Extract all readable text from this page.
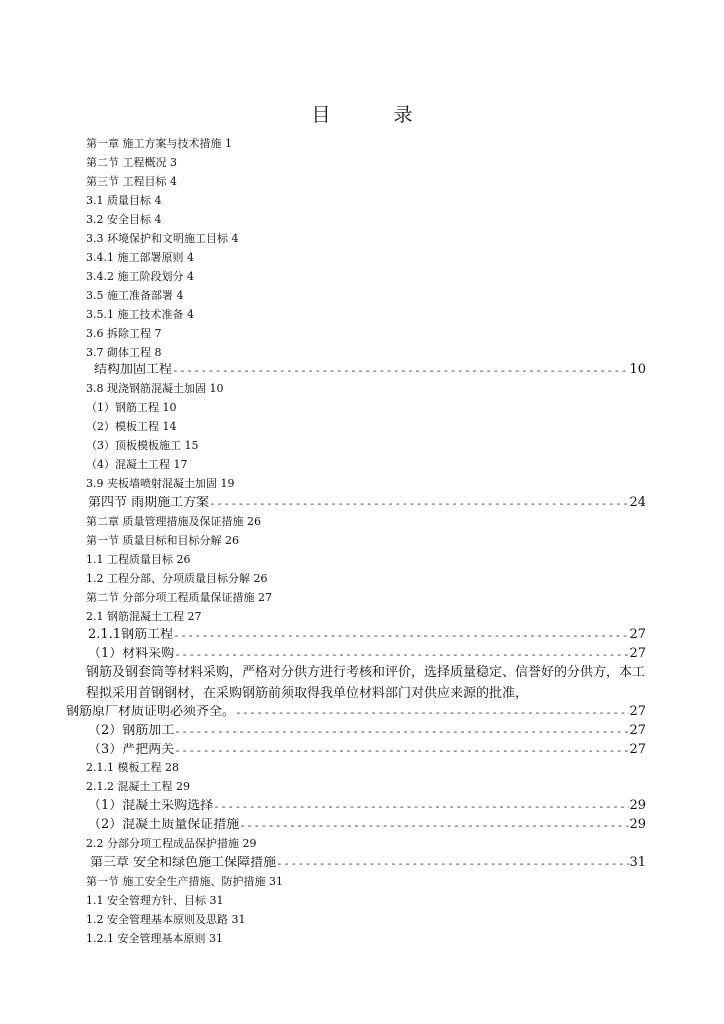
目　录
第一章 施工方案与技术措施 1
第二节 工程概况 3
第三节 工程目标 4
3.1 质量目标 4
3.2 安全目标 4
3.3 环境保护和文明施工目标 4
3.4.1 施工部署原则 4
3.4.2 施工阶段划分 4
3.5 施工准备部署 4
3.5.1 施工技术准备 4
3.6 拆除工程 7
3.7 砌体工程 8
结构加固工程 -----	10
3.8 现浇钢筋混凝土加固 10
（1）钢筋工程 10
（2）模板工程 14
（3）顶板模板施工 15
（4）混凝土工程 17
3.9 夹板墙喷射混凝土加固 19
第四节 雨期施工方案 -----	24
第二章 质量管理措施及保证措施 26
第一节 质量目标和目标分解 26
1.1 工程质量目标 26
1.2 工程分部、分项质量目标分解 26
第二节 分部分项工程质量保证措施 27
2.1 钢筋混凝土工程 27
2.1.1钢筋工程 -----	27
（1）材料采购 -----	27
钢筋及钢套筒等材料采购，严格对分供方进行考核和评价，选择质量稳定、信誉好的分供方，本工程拟采用首钢钢材，在采购钢筋前须取得我单位材料部门对供应来源的批准，
钢筋原厂材质证明必须齐全。 -----	27
（2）钢筋加工 -----	27
（3）严把两关 -----	27
2.1.1 模板工程 28
2.1.2 混凝土工程 29
（1）混凝土采购选择 -----	29
（2）混凝土质量保证措施 -----	29
2.2 分部分项工程成品保护措施 29
第三章 安全和绿色施工保障措施 -----	31
第一节 施工安全生产措施、防护措施 31
1.1 安全管理方针、目标 31
1.2 安全管理基本原则及思路 31
1.2.1 安全管理基本原则 31
